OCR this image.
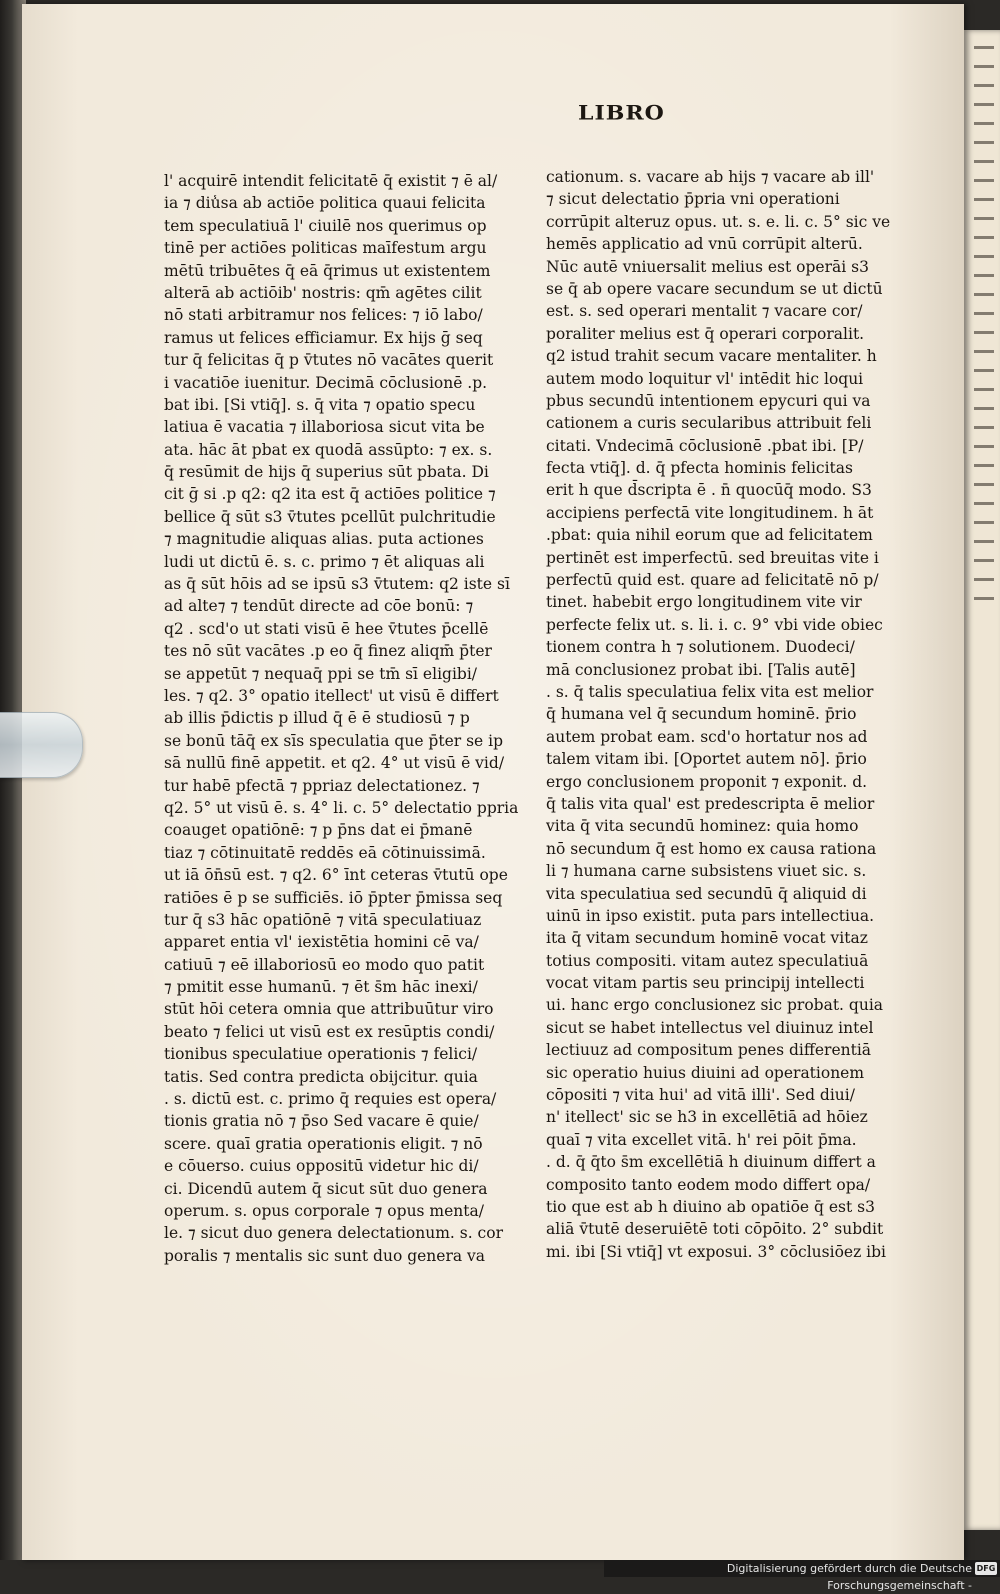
LIBRO
l' acquirē intendit felicitatē q̄ existit ⁊ ē al/
ia ⁊ diu̾sa ab actiōe politica quaui felicita
tem speculatiuā l' ciuilē nos querimus op
tinē per actiōes politicas maīfestum argu
mētū tribuētes q̄ eā q̄rimus ut existentem
alterā ab actiōib' nostris: qm̄ agētes cilit
nō stati arbitramur nos felices: ⁊ iō labo/
ramus ut felices efficiamur. Ex hijs ḡ seq
tur q̄ felicitas q̄ p v̄tutes nō vacātes querit
i vacatiōe iuenitur. Decimā cōclusionē .p.
bat ibi. [Si vtiq̄]. s. q̄ vita ⁊ opatio specu
latiua ē vacatia ⁊ illaboriosa sicut vita be
ata. hāc āt pbat ex quodā assūpto: ⁊ ex. s.
q̄ resūmit de hijs q̄ superius sūt pbata. Di
cit ḡ si .p q2: q2 ita est q̄ actiōes politice ⁊
bellice q̄ sūt s3 v̄tutes pcellūt pulchritudie
⁊ magnitudie aliquas alias. puta actiones
ludi ut dictū ē. s. c. primo ⁊ ēt aliquas ali
as q̄ sūt hōis ad se ipsū s3 v̄tutem: q2 iste sī
ad alte⁊ ⁊ tendūt directe ad cōe bonū: ⁊
q2 . scd'o ut stati visū ē hee v̄tutes p̄cellē
tes nō sūt vacātes .p eo q̄ finez aliqm̄ p̄ter
se appetūt ⁊ nequaq̄ ppi se tm̄ sī eligibi/
les. ⁊ q2. 3° opatio itellect' ut visū ē differt
ab illis p̄dictis p illud q̄ ē ē studiosū ⁊ p
se bonū tāq̄ ex sīs speculatia que p̄ter se ip
sā nullū finē appetit. et q2. 4° ut visū ē vid/
tur habē pfectā ⁊ ppriaz delectationez. ⁊
q2. 5° ut visū ē. s. 4° li. c. 5° delectatio ppria
coauget opatiōnē: ⁊ p p̄ns dat ei p̄manē
tiaz ⁊ cōtinuitatē reddēs eā cōtinuissimā.
ut iā ōn̄sū est. ⁊ q2. 6° īnt ceteras v̄tutū ope
ratiōes ē p se sufficiēs. iō p̄pter p̄missa seq
tur q̄ s3 hāc opatiōnē ⁊ vitā speculatiuaz
apparet entia vl' iexistētia homini cē va/
catiuū ⁊ eē illaboriosū eo modo quo patit
⁊ pmitit esse humanū. ⁊ ēt s̄m hāc inexi/
stūt hōi cetera omnia que attribuūtur viro
beato ⁊ felici ut visū est ex resūptis condi/
tionibus speculatiue operationis ⁊ felici/
tatis. Sed contra predicta obijcitur. quia
. s. dictū est. c. primo q̄ requies est opera/
tionis gratia nō ⁊ p̄so Sed vacare ē quie/
scere. quaī gratia operationis eligit. ⁊ nō
e cōuerso. cuius oppositū videtur hic di/
ci. Dicendū autem q̄ sicut sūt duo genera
operum. s. opus corporale ⁊ opus menta/
le. ⁊ sicut duo genera delectationum. s. cor
poralis ⁊ mentalis sic sunt duo genera va
cationum. s. vacare ab hijs ⁊ vacare ab ill'
⁊ sicut delectatio p̄pria vni operationi
corrūpit alteruz opus. ut. s. e. li. c. 5° sic ve
hemēs applicatio ad vnū corrūpit alterū.
Nūc autē vniuersalit melius est operāi s3
se q̄ ab opere vacare secundum se ut dictū
est. s. sed operari mentalit ⁊ vacare cor/
poraliter melius est q̄ operari corporalit.
q2 istud trahit secum vacare mentaliter. h
autem modo loquitur vl' intēdit hic loqui
pbus secundū intentionem epycuri qui va
cationem a curis secularibus attribuit feli
citati. Vndecimā cōclusionē .pbat ibi. [P/
fecta vtiq̄]. d. q̄ pfecta hominis felicitas
erit h que d̄scripta ē . n̄ quocūq̄ modo. S3
accipiens perfectā vite longitudinem. h āt
.pbat: quia nihil eorum que ad felicitatem
pertinēt est imperfectū. sed breuitas vite i
perfectū quid est. quare ad felicitatē nō p/
tinet. habebit ergo longitudinem vite vir
perfecte felix ut. s. li. i. c. 9° vbi vide obiec
tionem contra h ⁊ solutionem. Duodeci/
mā conclusionez probat ibi. [Talis autē]
. s. q̄ talis speculatiua felix vita est melior
q̄ humana vel q̄ secundum hominē. p̄rio
autem probat eam. scd'o hortatur nos ad
talem vitam ibi. [Oportet autem nō]. p̄rio
ergo conclusionem proponit ⁊ exponit. d.
q̄ talis vita qual' est predescripta ē melior
vita q̄ vita secundū hominez: quia homo
nō secundum q̄ est homo ex causa rationa
li ⁊ humana carne subsistens viuet sic. s.
vita speculatiua sed secundū q̄ aliquid di
uinū in ipso existit. puta pars intellectiua.
ita q̄ vitam secundum hominē vocat vitaz
totius compositi. vitam autez speculatiuā
vocat vitam partis seu principij intellecti
ui. hanc ergo conclusionez sic probat. quia
sicut se habet intellectus vel diuinuz intel
lectiuuz ad compositum penes differentiā
sic operatio huius diuini ad operationem
cōpositi ⁊ vita hui' ad vitā illi'. Sed diui/
n' itellect' sic se h3 in excellētiā ad hōiez
quaī ⁊ vita excellet vitā. h' rei pōit p̄ma.
. d. q̄ q̄to s̄m excellētiā h diuinum differt a
composito tanto eodem modo differt opa/
tio que est ab h diuino ab opatiōe q̄ est s3
aliā v̄tutē deseruiētē toti cōpōito. 2° subdit
mi. ibi [Si vtiq̄] vt exposui. 3° cōclusiōez ibi
Digitalisierung gefördert durch die Deutsche Forschungsgemeinschaft -
DFG
